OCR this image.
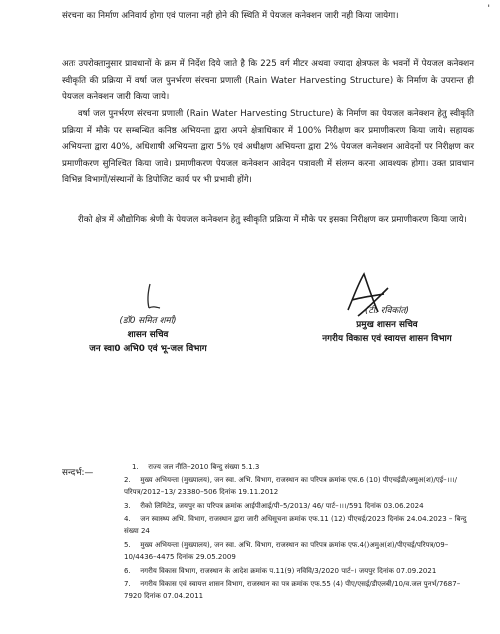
'

संरचना का निर्माण अनिवार्य होगा एवं पालना नही होने की स्थिति में पेयजल कनेक्शन जारी नही किया जायेगा।

अतः उपरोक्तानुसार प्रावधानों के क्रम में निर्देश दिये जाते है कि 225 वर्ग मीटर अथवा ज्यादा क्षेत्रफल के भवनों में पेयजल कनेक्शन स्वीकृति की प्रक्रिया में वर्षा जल पुनर्भरण संरचना प्रणाली (Rain Water Harvesting Structure) के निर्माण के उपरान्त ही पेयजल कनेक्शन जारी किया जाये।

वर्षा जल पुनर्भरण संरचना प्रणाली (Rain Water Harvesting Structure) के निर्माण का पेयजल कनेक्शन हेतु स्वीकृति प्रक्रिया में मौके पर सम्बन्धित कनिष्ठ अभियन्ता द्वारा अपने क्षेत्राधिकार में 100% निरीक्षण कर प्रमाणीकरण किया जाये। सहायक अभियन्ता द्वारा 40%, अधिशाषी अभियन्ता द्वारा 5% एवं अधीक्षण अभियन्ता द्वारा 2% पेयजल कनेक्शन आवेदनों पर निरीक्षण कर प्रमाणीकरण सुनिश्चित किया जावे। प्रमाणीकरण पेयजल कनेक्शन आवेदन पत्रावली में संलग्न करना आवश्यक होगा। उक्त प्रावधान विभिन्न विभागों/संस्थानों के डिपोजिट कार्य पर भी प्रभावी होंगे।

रीको क्षेत्र में औद्योगिक श्रेणी के पेयजल कनेक्शन हेतु स्वीकृति प्रक्रिया में मौके पर इसका निरीक्षण कर प्रमाणीकरण किया जाये।

(डॉ0 समित शर्मा)
शासन सचिव
जन स्वा0 अभि0 एवं भू-जल विभाग
(टी. रविकांत)
प्रमुख शासन सचिव
नगरीय विकास एवं स्वायत्त शासन विभाग
सन्दर्भ:—

1. राज्य जल नीति–2010 बिन्दु संख्या 5.1.3

2. मुख्य अभियन्ता (मुख्यालय), जन स्वा. अभि. विभाग, राजस्थान का परिपत्र क्रमांक एफ.6 (10) पीएचईडी/अमुअ(श)/एई–।।।/परिपत्र/2012–13/ 23380–506 दिनांक 19.11.2012

3. रीको लिमिटेड, जयपुर का परिपत्र क्रमांक आईपीआई/पी–5/2013/ 46/ पार्ट–।।।/591 दिनांक 03.06.2024

4. जन स्वास्थ्य अभि. विभाग, राजस्थान द्वारा जारी अधिसूचना क्रमांक एफ.11 (12) पीएचई/2023 दिनांक 24.04.2023 – बिन्दु संख्या 24

5. मुख्य अभियन्ता (मुख्यालय), जन स्वा. अभि. विभाग, राजस्थान का परिपत्र क्रमांक एफ.4()अमुअ(श)/पीएचई/परिपत्र/09–10/4436–4475 दिनांक 29.05.2009

6. नगरीय विकास विभाग, राजस्थान के आदेश क्रमांक प.11(9) नविवि/3/2020 पार्ट–। जयपुर दिनांक 07.09.2021

7. नगरीय विकास एवं स्वायत्त शासन विभाग, राजस्थान का पत्र क्रमांक एफ.55 (4) पीए/एसई/डीएलबी/10/व.जल पुनर्भ/7687–7920 दिनांक 07.04.2011
